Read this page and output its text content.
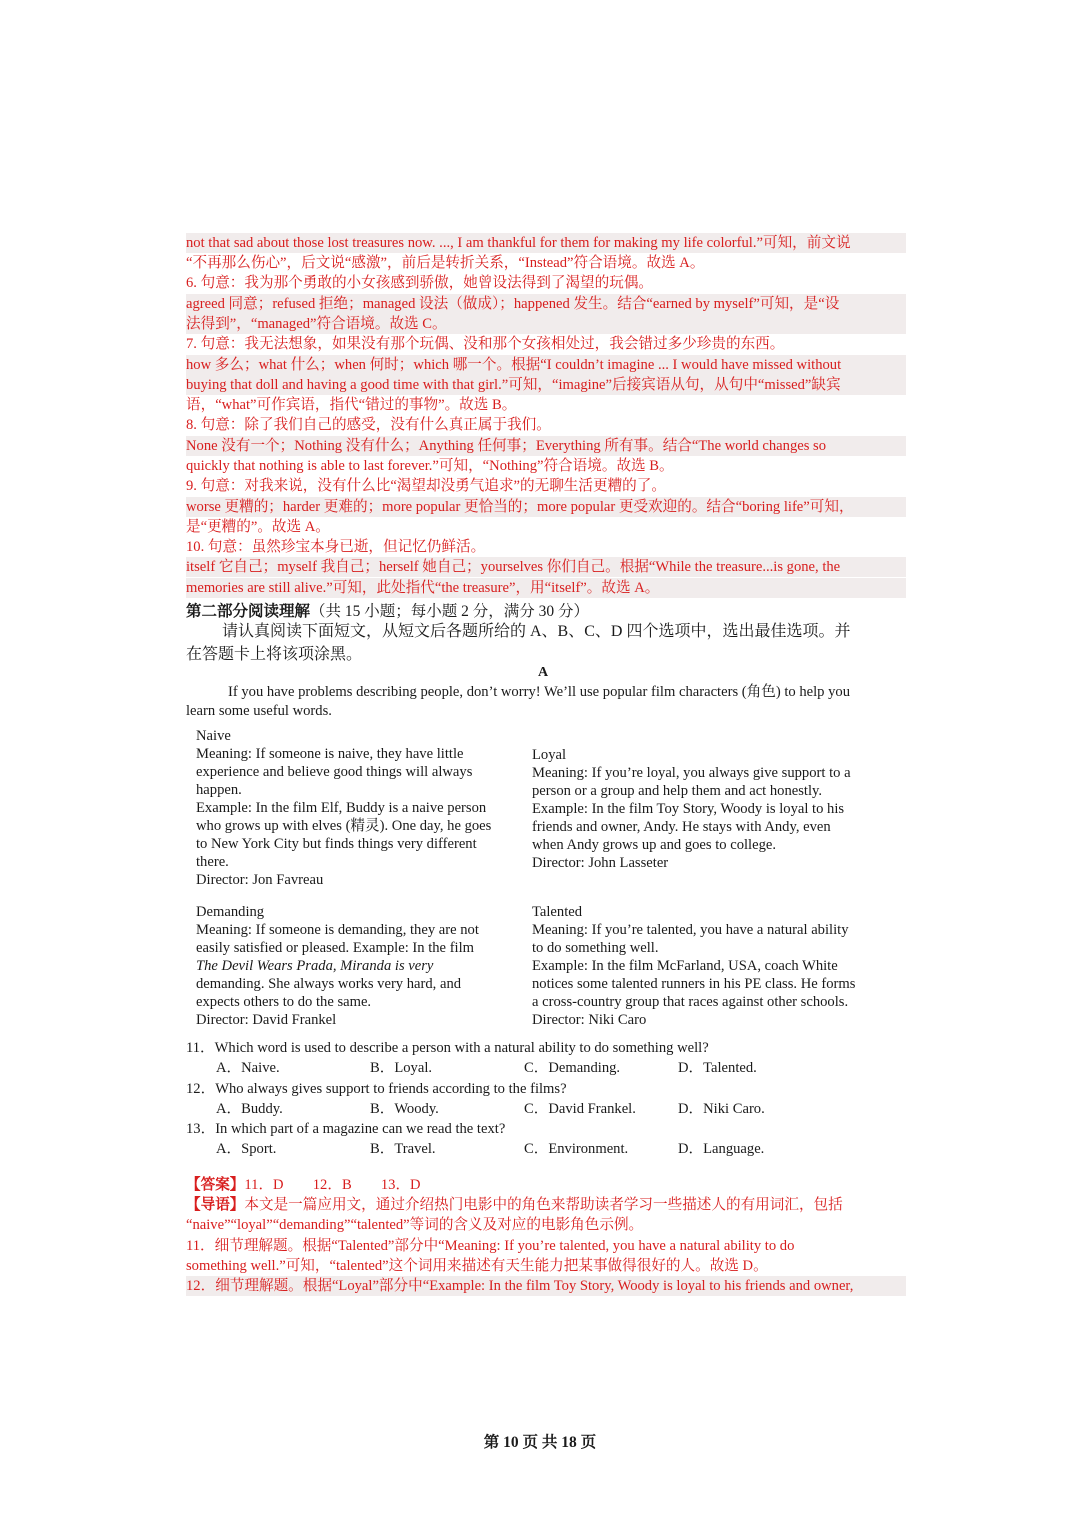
not that sad about those lost treasures now. ..., I am thankful for them for making my life colorful.”可知，前文说
“不再那么伤心”，后文说“感激”，前后是转折关系，“Instead”符合语境。故选 A。
6. 句意：我为那个勇敢的小女孩感到骄傲，她曾设法得到了渴望的玩偶。
agreed 同意；refused 拒绝；managed 设法（做成）；happened 发生。结合“earned by myself”可知，是“设
法得到”，“managed”符合语境。故选 C。
7. 句意：我无法想象，如果没有那个玩偶、没和那个女孩相处过，我会错过多少珍贵的东西。
how 多么；what 什么；when 何时；which 哪一个。根据“I couldn’t imagine ... I would have missed without
buying that doll and having a good time with that girl.”可知，“imagine”后接宾语从句，从句中“missed”缺宾
语，“what”可作宾语，指代“错过的事物”。故选 B。
8. 句意：除了我们自己的感受，没有什么真正属于我们。
None 没有一个；Nothing 没有什么；Anything 任何事；Everything 所有事。结合“The world changes so
quickly that nothing is able to last forever.”可知，“Nothing”符合语境。故选 B。
9. 句意：对我来说，没有什么比“渴望却没勇气追求”的无聊生活更糟的了。
worse 更糟的；harder 更难的；more popular 更恰当的；more popular 更受欢迎的。结合“boring life”可知，
是“更糟的”。故选 A。
10. 句意：虽然珍宝本身已逝，但记忆仍鲜活。
itself 它自己；myself 我自己；herself 她自己；yourselves 你们自己。根据“While the treasure...is gone, the
memories are still alive.”可知，此处指代“the treasure”，用“itself”。故选 A。
第二部分阅读理解（共 15 小题；每小题 2 分，满分 30 分）
请认真阅读下面短文，从短文后各题所给的 A、B、C、D 四个选项中，选出最佳选项。并
在答题卡上将该项涂黑。
A
If you have problems describing people, don’t worry! We’ll use popular film characters (角色) to help you
learn some useful words.
Naive
Meaning: If someone is naive, they have little
experience and believe good things will always
happen.
Example: In the film Elf, Buddy is a naive person
who grows up with elves (精灵). One day, he goes
to New York City but finds things very different
there.
Director: Jon Favreau
Loyal
Meaning: If you’re loyal, you always give support to a
person or a group and help them and act honestly.
Example: In the film Toy Story, Woody is loyal to his
friends and owner, Andy. He stays with Andy, even
when Andy grows up and goes to college.
Director: John Lasseter
Demanding
Meaning: If someone is demanding, they are not
easily satisfied or pleased. Example: In the film
The Devil Wears Prada, Miranda is very
demanding. She always works very hard, and
expects others to do the same.
Director: David Frankel
Talented
Meaning: If you’re talented, you have a natural ability
to do something well.
Example: In the film McFarland, USA, coach White
notices some talented runners in his PE class. He forms
a cross-country group that races against other schools.
Director: Niki Caro
11．Which word is used to describe a person with a natural ability to do something well?
A．Naive.	B．Loyal.	C．Demanding.	D．Talented.
12．Who always gives support to friends according to the films?
A．Buddy.	B．Woody.	C．David Frankel.	D．Niki Caro.
13．In which part of a magazine can we read the text?
A．Sport.	B．Travel.	C．Environment.	D．Language.
【答案】11．D　　12．B　　13．D
【导语】本文是一篇应用文，通过介绍热门电影中的角色来帮助读者学习一些描述人的有用词汇，包括
“naive”“loyal”“demanding”“talented”等词的含义及对应的电影角色示例。
11．细节理解题。根据“Talented”部分中“Meaning: If you’re talented, you have a natural ability to do
something well.”可知，“talented”这个词用来描述有天生能力把某事做得很好的人。故选 D。
12．细节理解题。根据“Loyal”部分中“Example: In the film Toy Story, Woody is loyal to his friends and owner,
第 10 页 共 18 页
